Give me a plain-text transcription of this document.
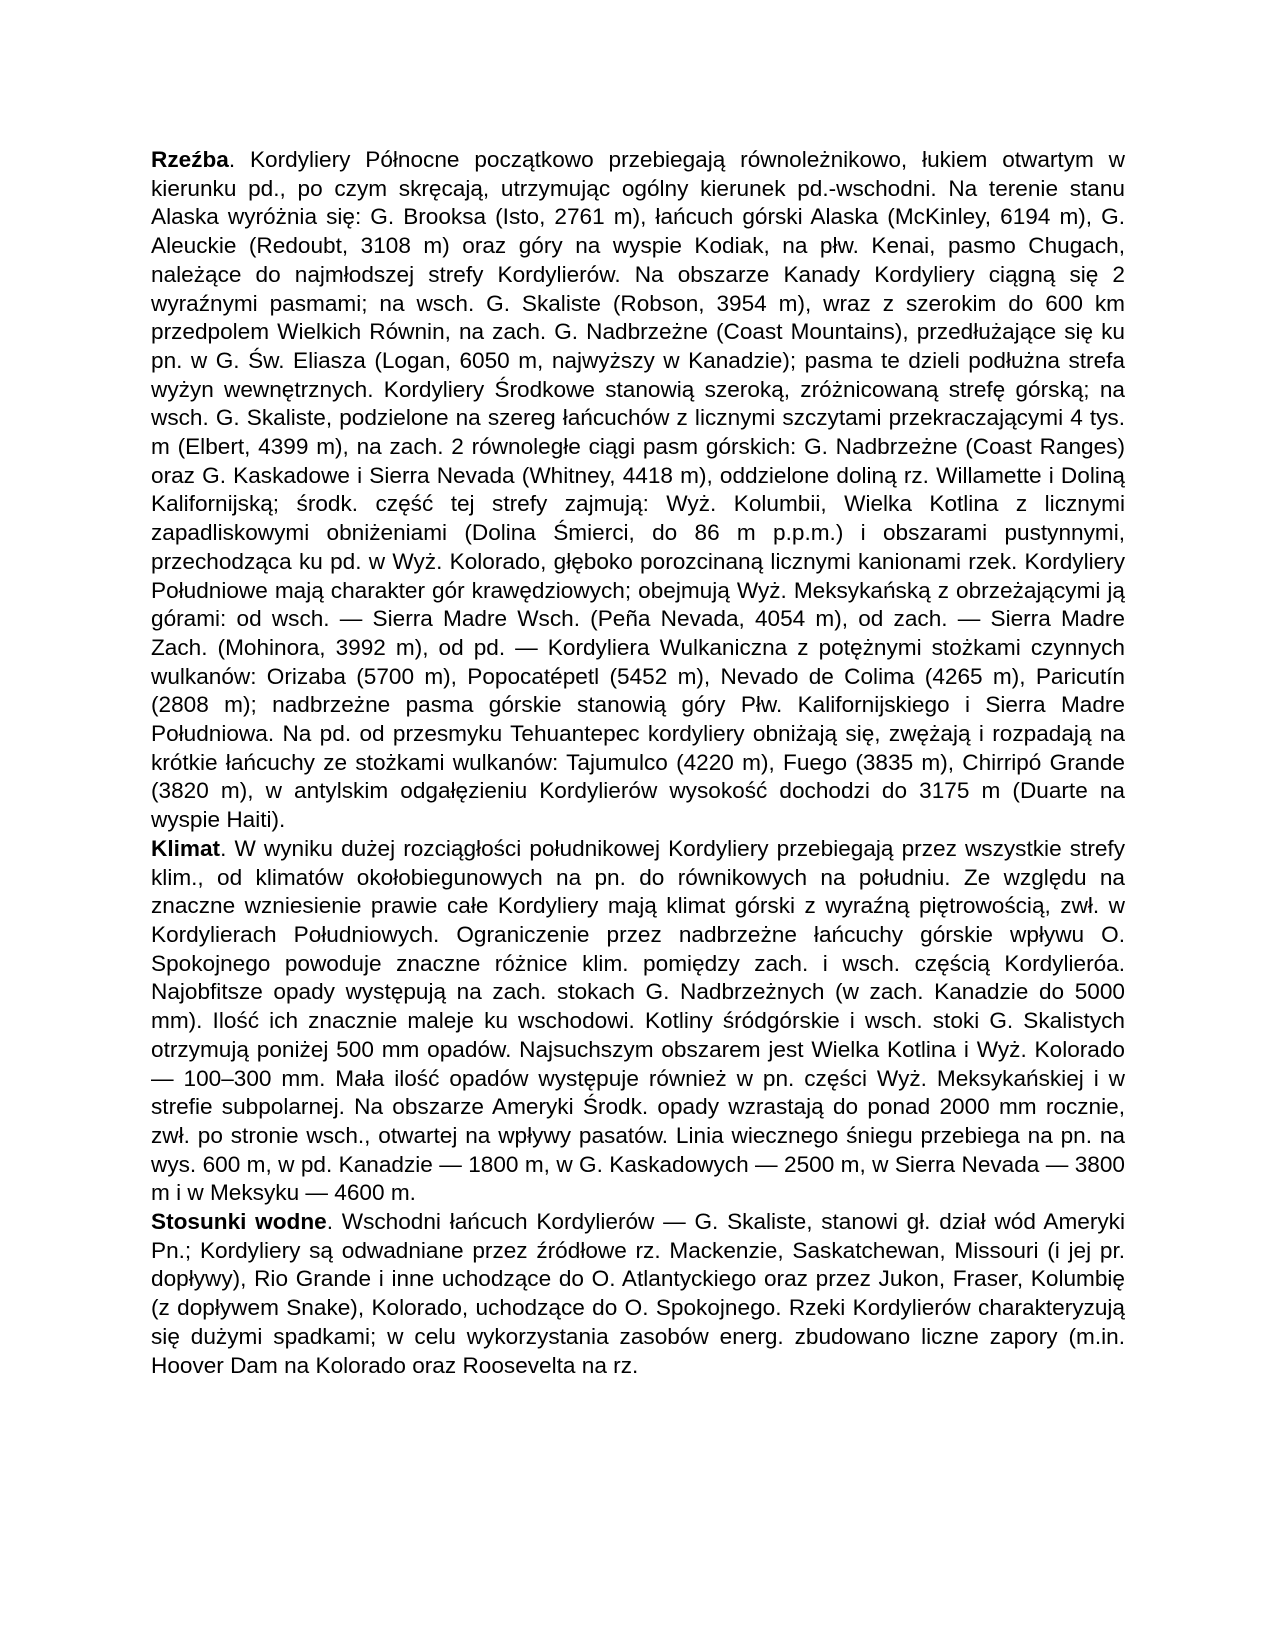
Rzeźba. Kordyliery Północne początkowo przebiegają równoleżnikowo, łukiem otwartym w kierunku pd., po czym skręcają, utrzymując ogólny kierunek pd.-wschodni. Na terenie stanu Alaska wyróżnia się: G. Brooksa (Isto, 2761 m), łańcuch górski Alaska (McKinley, 6194 m), G. Aleuckie (Redoubt, 3108 m) oraz góry na wyspie Kodiak, na płw. Kenai, pasmo Chugach, należące do najmłodszej strefy Kordylierów. Na obszarze Kanady Kordyliery ciągną się 2 wyraźnymi pasmami; na wsch. G. Skaliste (Robson, 3954 m), wraz z szerokim do 600 km przedpolem Wielkich Równin, na zach. G. Nadbrzeżne (Coast Mountains), przedłużające się ku pn. w G. Św. Eliasza (Logan, 6050 m, najwyższy w Kanadzie); pasma te dzieli podłużna strefa wyżyn wewnętrznych. Kordyliery Środkowe stanowią szeroką, zróżnicowaną strefę górską; na wsch. G. Skaliste, podzielone na szereg łańcuchów z licznymi szczytami przekraczającymi 4 tys. m (Elbert, 4399 m), na zach. 2 równoległe ciągi pasm górskich: G. Nadbrzeżne (Coast Ranges) oraz G. Kaskadowe i Sierra Nevada (Whitney, 4418 m), oddzielone doliną rz. Willamette i Doliną Kalifornijską; środk. część tej strefy zajmują: Wyż. Kolumbii, Wielka Kotlina z licznymi zapadliskowymi obniżeniami (Dolina Śmierci, do 86 m p.p.m.) i obszarami pustynnymi, przechodząca ku pd. w Wyż. Kolorado, głęboko porozcinaną licznymi kanionami rzek. Kordyliery Południowe mają charakter gór krawędziowych; obejmują Wyż. Meksykańską z obrzeżającymi ją górami: od wsch. — Sierra Madre Wsch. (Peña Nevada, 4054 m), od zach. — Sierra Madre Zach. (Mohinora, 3992 m), od pd. — Kordyliera Wulkaniczna z potężnymi stożkami czynnych wulkanów: Orizaba (5700 m), Popocatépetl (5452 m), Nevado de Colima (4265 m), Paricutín (2808 m); nadbrzeżne pasma górskie stanowią góry Płw. Kalifornijskiego i Sierra Madre Południowa. Na pd. od przesmyku Tehuantepec kordyliery obniżają się, zwężają i rozpadają na krótkie łańcuchy ze stożkami wulkanów: Tajumulco (4220 m), Fuego (3835 m), Chirripó Grande (3820 m), w antylskim odgałęzieniu Kordylierów wysokość dochodzi do 3175 m (Duarte na wyspie Haiti).

Klimat. W wyniku dużej rozciągłości południkowej Kordyliery przebiegają przez wszystkie strefy klim., od klimatów okołobiegunowych na pn. do równikowych na południu. Ze względu na znaczne wzniesienie prawie całe Kordyliery mają klimat górski z wyraźną piętrowością, zwł. w Kordylierach Południowych. Ograniczenie przez nadbrzeżne łańcuchy górskie wpływu O. Spokojnego powoduje znaczne różnice klim. pomiędzy zach. i wsch. częścią Kordylieróa. Najobfitsze opady występują na zach. stokach G. Nadbrzeżnych (w zach. Kanadzie do 5000 mm). Ilość ich znacznie maleje ku wschodowi. Kotliny śródgórskie i wsch. stoki G. Skalistych otrzymują poniżej 500 mm opadów. Najsuchszym obszarem jest Wielka Kotlina i Wyż. Kolorado — 100–300 mm. Mała ilość opadów występuje również w pn. części Wyż. Meksykańskiej i w strefie subpolarnej. Na obszarze Ameryki Środk. opady wzrastają do ponad 2000 mm rocznie, zwł. po stronie wsch., otwartej na wpływy pasatów. Linia wiecznego śniegu przebiega na pn. na wys. 600 m, w pd. Kanadzie — 1800 m, w G. Kaskadowych — 2500 m, w Sierra Nevada — 3800 m i w Meksyku — 4600 m.

Stosunki wodne. Wschodni łańcuch Kordylierów — G. Skaliste, stanowi gł. dział wód Ameryki Pn.; Kordyliery są odwadniane przez źródłowe rz. Mackenzie, Saskatchewan, Missouri (i jej pr. dopływy), Rio Grande i inne uchodzące do O. Atlantyckiego oraz przez Jukon, Fraser, Kolumbię (z dopływem Snake), Kolorado, uchodzące do O. Spokojnego. Rzeki Kordylierów charakteryzują się dużymi spadkami; w celu wykorzystania zasobów energ. zbudowano liczne zapory (m.in. Hoover Dam na Kolorado oraz Roosevelta na rz.
